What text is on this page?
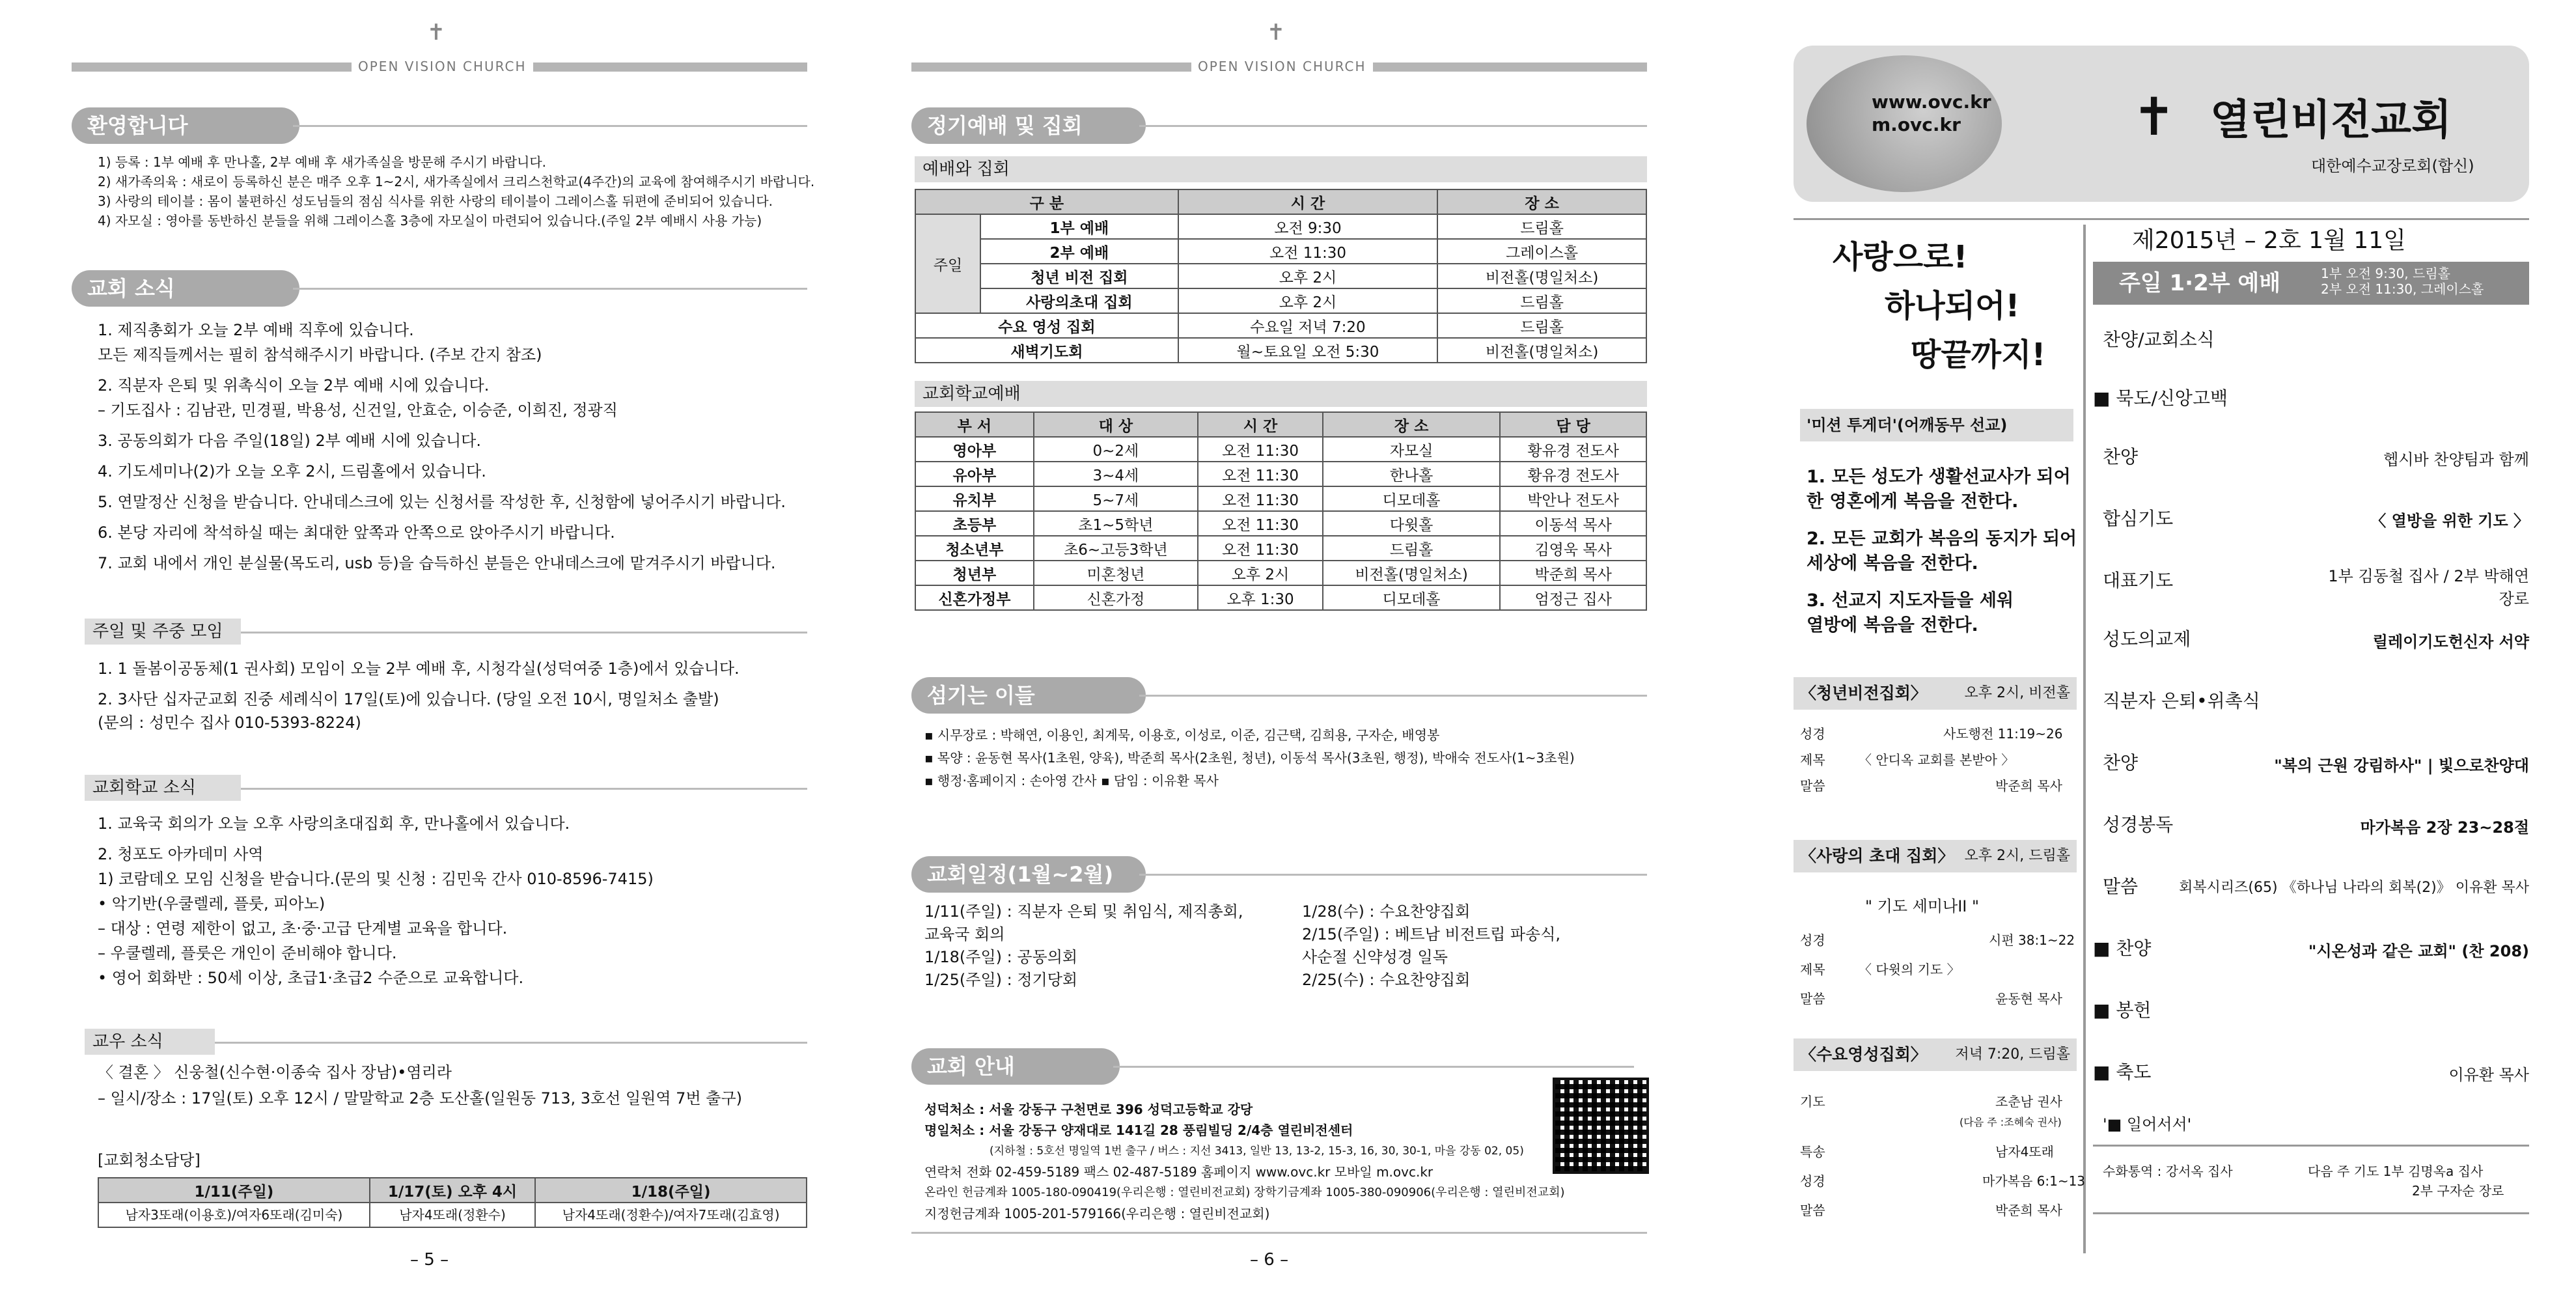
✝
OPEN VISION CHURCH
환영합니다
1) 등록 : 1부 예배 후 만나홀, 2부 예배 후 새가족실을 방문해 주시기 바랍니다.
2) 새가족의육 : 새로이 등록하신 분은 매주 오후 1~2시, 새가족실에서 크리스천학교(4주간)의 교육에 참여해주시기 바랍니다.
3) 사랑의 테이블 : 몸이 불편하신 성도님들의 점심 식사를 위한 사랑의 테이블이 그레이스홀 뒤편에 준비되어 있습니다.
4) 자모실 : 영아를 동반하신 분들을 위해 그레이스홀 3층에 자모실이 마련되어 있습니다.(주일 2부 예배시 사용 가능)
교회 소식
1. 제직총회가 오늘 2부 예배 직후에 있습니다.
모든 제직들께서는 필히 참석해주시기 바랍니다. (주보 간지 참조)
2. 직분자 은퇴 및 위촉식이 오늘 2부 예배 시에 있습니다.
– 기도집사 : 김남관, 민경필, 박용성, 신건일, 안효순, 이승준, 이희진, 정광직
3. 공동의회가 다음 주일(18일) 2부 예배 시에 있습니다.
4. 기도세미나(2)가 오늘 오후 2시, 드림홀에서 있습니다.
5. 연말정산 신청을 받습니다. 안내데스크에 있는 신청서를 작성한 후, 신청함에 넣어주시기 바랍니다.
6. 본당 자리에 착석하실 때는 최대한 앞쪽과 안쪽으로 앉아주시기 바랍니다.
7. 교회 내에서 개인 분실물(목도리, usb 등)을 습득하신 분들은 안내데스크에 맡겨주시기 바랍니다.
주일 및 주중 모임
1. 1 돌봄이공동체(1 권사회) 모임이 오늘 2부 예배 후, 시청각실(성덕여중 1층)에서 있습니다.
2. 3사단 십자군교회 진중 세례식이 17일(토)에 있습니다. (당일 오전 10시, 명일처소 출발)
(문의 : 성민수 집사 010-5393-8224)
교회학교 소식
1. 교육국 회의가 오늘 오후 사랑의초대집회 후, 만나홀에서 있습니다.
2. 청포도 아카데미 사역
1) 코람데오 모임 신청을 받습니다.(문의 및 신청 : 김민욱 간사 010-8596-7415)
• 악기반(우쿨렐레, 플룻, 피아노)
– 대상 : 연령 제한이 없고, 초·중·고급 단계별 교육을 합니다.
– 우쿨렐레, 플룻은 개인이 준비해야 합니다.
• 영어 회화반 : 50세 이상, 초급1·초급2 수준으로 교육합니다.
교우 소식
〈 결혼 〉 신웅철(신수현·이종숙 집사 장남)•염리라
– 일시/장소 : 17일(토) 오후 12시 / 말말학교 2층 도산홀(일원동 713, 3호선 일원역 7번 출구)
[교회청소담당]
1/11(주일)	1/17(토) 오후 4시	1/18(주일)
남자3또래(이용호)/여자6또래(김미숙)	남자4또래(정환수)	남자4또래(정환수)/여자7또래(김효영)
– 5 –
✝
OPEN VISION CHURCH
정기예배 및 집회
예배와 집회
구 분		시 간	장 소
주일	1부 예배	오전 9:30	드림홀
	2부 예배	오전 11:30	그레이스홀
	청년 비전 집회	오후 2시	비전홀(명일처소)
	사랑의초대 집회	오후 2시	드림홀
수요 영성 집회		수요일 저녁 7:20	드림홀
새벽기도회		월~토요일 오전 5:30	비전홀(명일처소)
교회학교예배
부 서	대 상	시 간	장 소	담 당
영아부	0~2세	오전 11:30	자모실	황유경 전도사
유아부	3~4세	오전 11:30	한나홀	황유경 전도사
유치부	5~7세	오전 11:30	디모데홀	박안나 전도사
초등부	초1~5학년	오전 11:30	다윗홀	이동석 목사
청소년부	초6~고등3학년	오전 11:30	드림홀	김영욱 목사
청년부	미혼청년	오후 2시	비전홀(명일처소)	박준희 목사
신혼가정부	신혼가정	오후 1:30	디모데홀	엄정근 집사
섬기는 이들
▪ 시무장로 : 박해연, 이용인, 최계묵, 이용호, 이성로, 이준, 김근택, 김희용, 구자순, 배영봉
▪ 목양 : 윤동현 목사(1초원, 양육), 박준희 목사(2초원, 청년), 이동석 목사(3초원, 행정), 박애숙 전도사(1~3초원)
▪ 행정·홈페이지 : 손아영 간사 ▪ 담임 : 이유환 목사
교회일정(1월~2월)
1/11(주일) : 직분자 은퇴 및 취임식, 제직총회,
교육국 회의
1/18(주일) : 공동의회
1/25(주일) : 정기당회
1/28(수) : 수요찬양집회
2/15(주일) : 베트남 비전트립 파송식,
사순절 신약성경 일독
2/25(수) : 수요찬양집회
교회 안내
성덕처소 : 서울 강동구 구천면로 396 성덕고등학교 강당
명일처소 : 서울 강동구 양재대로 141길 28 풍림빌딩 2/4층 열린비전센터
(지하철 : 5호선 명일역 1번 출구 / 버스 : 지선 3413, 일반 13, 13-2, 15-3, 16, 30, 30-1, 마을 강동 02, 05)
연락처 전화 02-459-5189 팩스 02-487-5189 홈페이지 www.ovc.kr 모바일 m.ovc.kr
온라인 헌금계좌 1005-180-090419(우리은행 : 열린비전교회) 장학기금계좌 1005-380-090906(우리은행 : 열린비전교회)
지정헌금계좌 1005-201-579166(우리은행 : 열린비전교회)
– 6 –
www.ovc.kr
m.ovc.kr	✝ 열린비전교회
대한예수교장로회(합신)
사랑으로!
하나되어!
땅끝까지!
'미션 투게더'(어깨동무 선교)
1. 모든 성도가 생활선교사가 되어
한 영혼에게 복음을 전한다.
2. 모든 교회가 복음의 동지가 되어
세상에 복음을 전한다.
3. 선교지 지도자들을 세워
열방에 복음을 전한다.
〈청년비전집회〉	오후 2시, 비전홀
성경	사도행전 11:19~26
제목	〈 안디옥 교회를 본받아 〉
말씀	박준희 목사
〈사랑의 초대 집회〉 오후 2시, 드림홀
" 기도 세미나II "
성경	시편 38:1~22
제목	〈 다윗의 기도 〉
말씀	윤동현 목사
〈수요영성집회〉 저녁 7:20, 드림홀
기도	조춘남 권사
(다음 주 :조혜숙 권사)
특송	남자4또래
성경	마가복음 6:1~13
말씀	박준희 목사
제2015년 – 2호 1월 11일
주일 1·2부 예배	1부 오전 9:30, 드림홀
2부 오전 11:30, 그레이스홀
찬양/교회소식
■ 묵도/신앙고백
찬양	헵시바 찬양팀과 함께
합심기도	〈 열방을 위한 기도 〉
대표기도	1부 김동철 집사 / 2부 박해연 장로
성도의교제	릴레이기도헌신자 서약
직분자 은퇴•위촉식
찬양	"복의 근원 강림하사" | 빛으로찬양대
성경봉독	마가복음 2장 23~28절
말씀	회복시리즈(65) 《하나님 나라의 회복(2)》 이유환 목사
■ 찬양	"시온성과 같은 교회" (찬 208)
■ 봉헌
■ 축도	이유환 목사
'■ 일어서서'
수화통역 : 강서옥 집사	다음 주 기도 1부 김명옥a 집사
2부 구자순 장로
